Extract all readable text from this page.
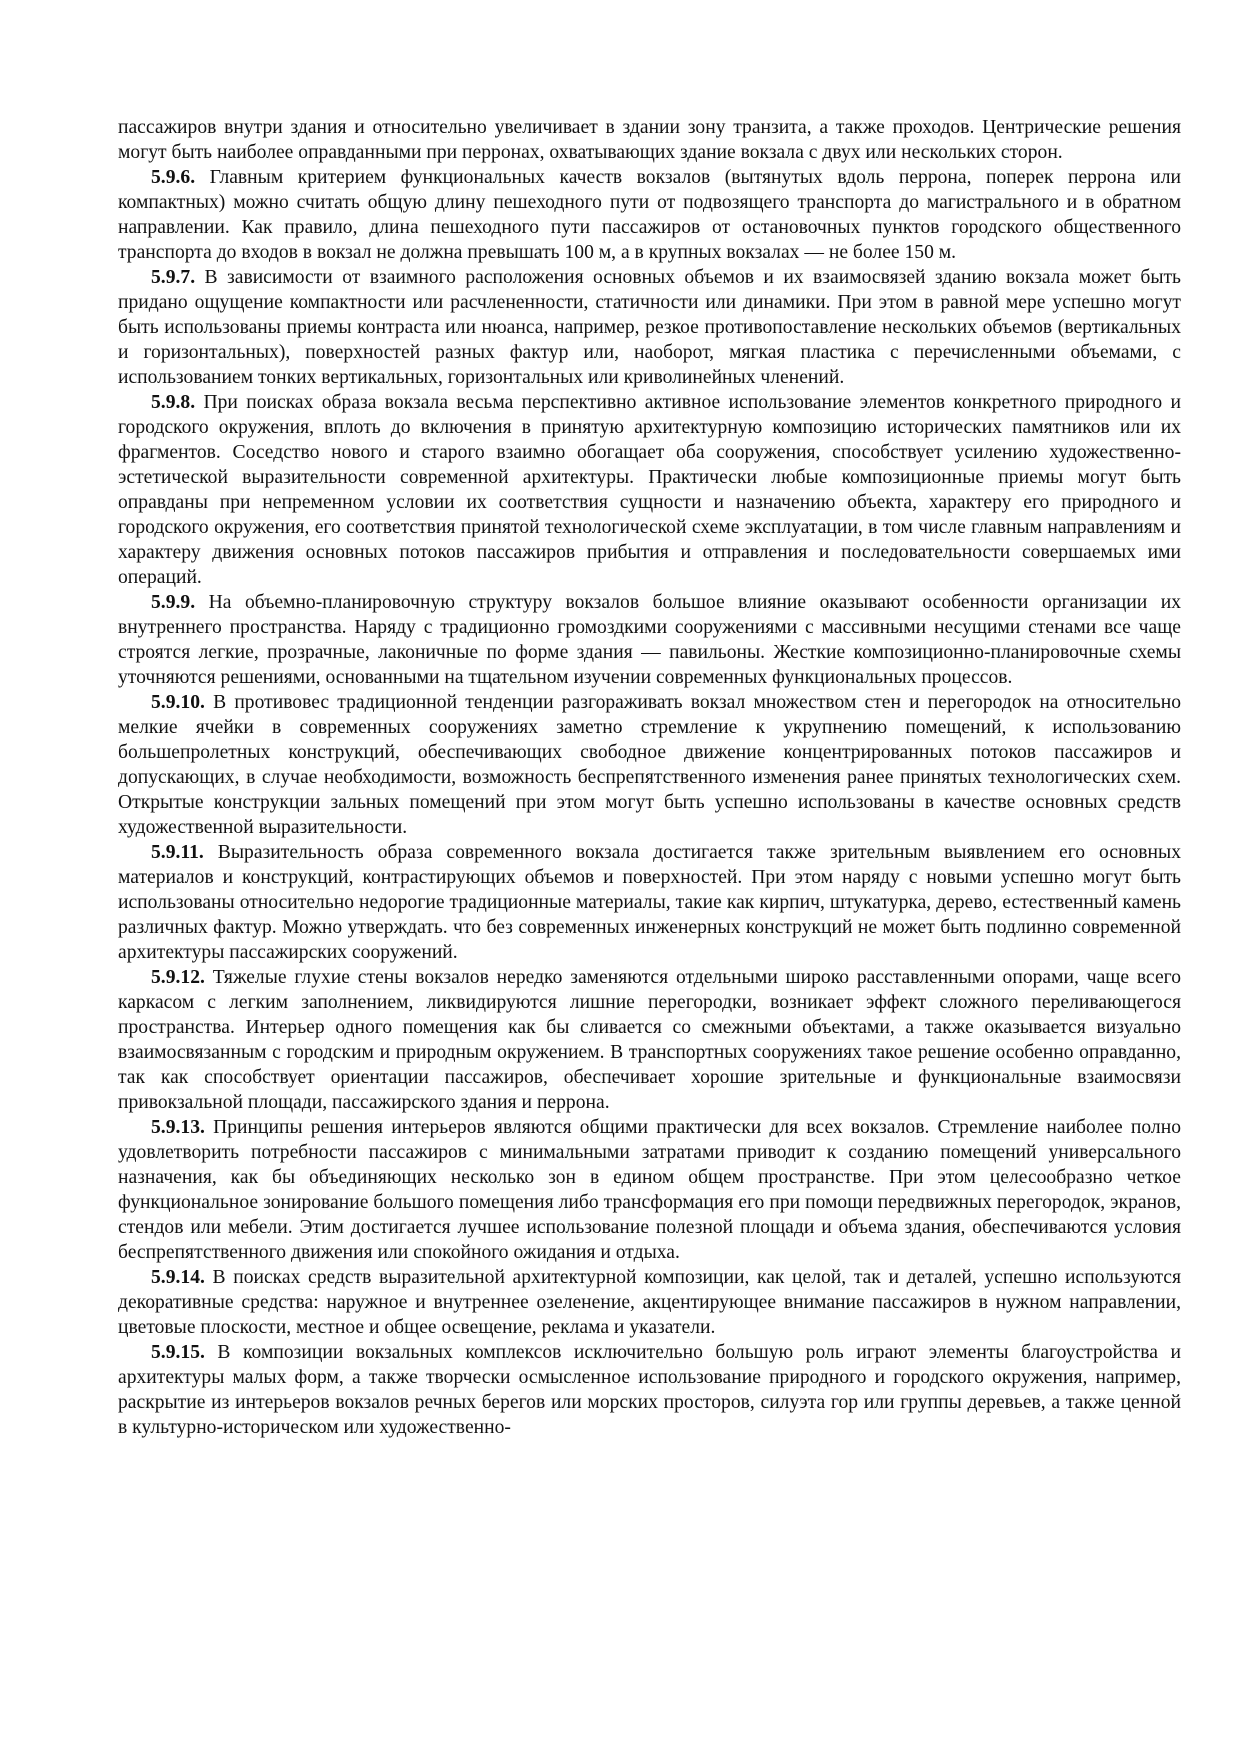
пассажиров внутри здания и относительно увеличивает в здании зону транзита, а также проходов. Центрические решения могут быть наиболее оправданными при перронах, охватывающих здание вокзала с двух или нескольких сторон.

5.9.6. Главным критерием функциональных качеств вокзалов (вытянутых вдоль перрона, поперек перрона или компактных) можно считать общую длину пешеходного пути от подвозящего транспорта до магистрального и в обратном направлении. Как правило, длина пешеходного пути пассажиров от остановочных пунктов городского общественного транспорта до входов в вокзал не должна превышать 100 м, а в крупных вокзалах — не более 150 м.

5.9.7. В зависимости от взаимного расположения основных объемов и их взаимосвязей зданию вокзала может быть придано ощущение компактности или расчлененности, статичности или динамики. При этом в равной мере успешно могут быть использованы приемы контраста или нюанса, например, резкое противопоставление нескольких объемов (вертикальных и горизонтальных), поверхностей разных фактур или, наоборот, мягкая пластика с перечисленными объемами, с использованием тонких вертикальных, горизонтальных или криволинейных членений.

5.9.8. При поисках образа вокзала весьма перспективно активное использование элементов конкретного природного и городского окружения, вплоть до включения в принятую архитектурную композицию исторических памятников или их фрагментов. Соседство нового и старого взаимно обогащает оба сооружения, способствует усилению художественно-эстетической выразительности современной архитектуры. Практически любые композиционные приемы могут быть оправданы при непременном условии их соответствия сущности и назначению объекта, характеру его природного и городского окружения, его соответствия принятой технологической схеме эксплуатации, в том числе главным направлениям и характеру движения основных потоков пассажиров прибытия и отправления и последовательности совершаемых ими операций.

5.9.9. На объемно-планировочную структуру вокзалов большое влияние оказывают особенности организации их внутреннего пространства. Наряду с традиционно громоздкими сооружениями с массивными несущими стенами все чаще строятся легкие, прозрачные, лаконичные по форме здания — павильоны. Жесткие композиционно-планировочные схемы уточняются решениями, основанными на тщательном изучении современных функциональных процессов.

5.9.10. В противовес традиционной тенденции разгораживать вокзал множеством стен и перегородок на относительно мелкие ячейки в современных сооружениях заметно стремление к укрупнению помещений, к использованию большепролетных конструкций, обеспечивающих свободное движение концентрированных потоков пассажиров и допускающих, в случае необходимости, возможность беспрепятственного изменения ранее принятых технологических схем. Открытые конструкции зальных помещений при этом могут быть успешно использованы в качестве основных средств художественной выразительности.

5.9.11. Выразительность образа современного вокзала достигается также зрительным выявлением его основных материалов и конструкций, контрастирующих объемов и поверхностей. При этом наряду с новыми успешно могут быть использованы относительно недорогие традиционные материалы, такие как кирпич, штукатурка, дерево, естественный камень различных фактур. Можно утверждать. что без современных инженерных конструкций не может быть подлинно современной архитектуры пассажирских сооружений.

5.9.12. Тяжелые глухие стены вокзалов нередко заменяются отдельными широко расставленными опорами, чаще всего каркасом с легким заполнением, ликвидируются лишние перегородки, возникает эффект сложного переливающегося пространства. Интерьер одного помещения как бы сливается со смежными объектами, а также оказывается визуально взаимосвязанным с городским и природным окружением. В транспортных сооружениях такое решение особенно оправданно, так как способствует ориентации пассажиров, обеспечивает хорошие зрительные и функциональные взаимосвязи привокзальной площади, пассажирского здания и перрона.

5.9.13. Принципы решения интерьеров являются общими практически для всех вокзалов. Стремление наиболее полно удовлетворить потребности пассажиров с минимальными затратами приводит к созданию помещений универсального назначения, как бы объединяющих несколько зон в едином общем пространстве. При этом целесообразно четкое функциональное зонирование большого помещения либо трансформация его при помощи передвижных перегородок, экранов, стендов или мебели. Этим достигается лучшее использование полезной площади и объема здания, обеспечиваются условия беспрепятственного движения или спокойного ожидания и отдыха.

5.9.14. В поисках средств выразительной архитектурной композиции, как целой, так и деталей, успешно используются декоративные средства: наружное и внутреннее озеленение, акцентирующее внимание пассажиров в нужном направлении, цветовые плоскости, местное и общее освещение, реклама и указатели.

5.9.15. В композиции вокзальных комплексов исключительно большую роль играют элементы благоустройства и архитектуры малых форм, а также творчески осмысленное использование природного и городского окружения, например, раскрытие из интерьеров вокзалов речных берегов или морских просторов, силуэта гор или группы деревьев, а также ценной в культурно-историческом или художественно-
